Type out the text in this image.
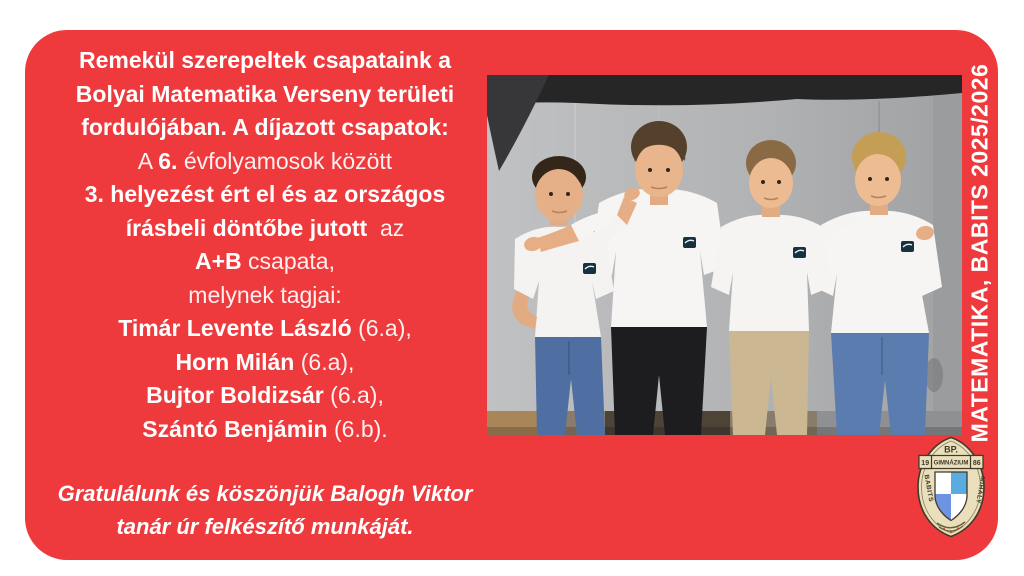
Remekül szerepeltek csapataink a
Bolyai Matematika Verseny területi
fordulójában. A díjazott csapatok:
A 6. évfolyamosok között
3. helyezést ért el és az országos
írásbeli döntőbe jutott  az
A+B csapata,
melynek tagjai:
Timár Levente László (6.a),
Horn Milán (6.a),
Bujtor Boldizsár (6.a),
Szántó Benjámin (6.b).
Gratulálunk és köszönjük Balogh Viktor
tanár úr felkészítő munkáját.
MATEMATIKA, BABITS 2025/2026
BP.
19 GIMNÁZIUM 86
BABITS	MIHÁLY
